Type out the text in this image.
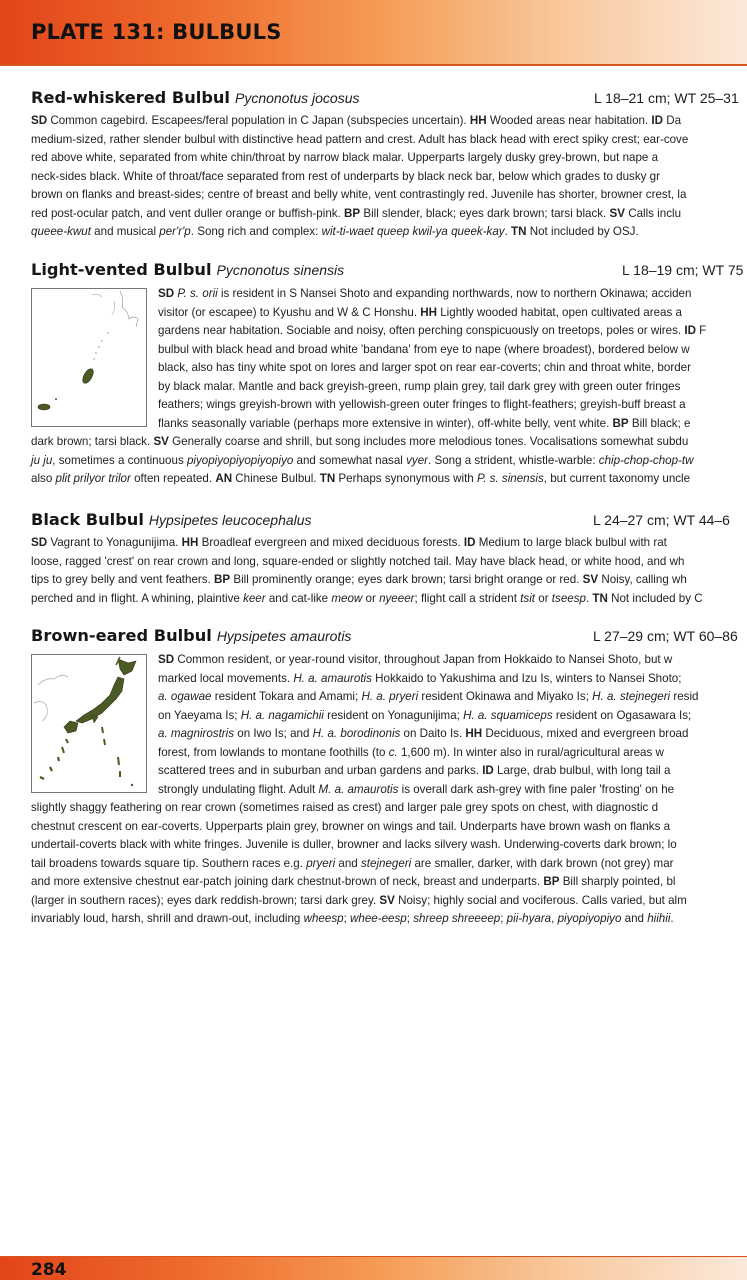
PLATE 131: BULBULS
Red-whiskered Bulbul Pycnonotus jocosus	L 18–21 cm; WT 25–31
SD Common cagebird. Escapees/feral population in C Japan (subspecies uncertain). HH Wooded areas near habitation. ID Da
medium-sized, rather slender bulbul with distinctive head pattern and crest. Adult has black head with erect spiky crest; ear-cove
red above white, separated from white chin/throat by narrow black malar. Upperparts largely dusky grey-brown, but nape a
neck-sides black. White of throat/face separated from rest of underparts by black neck bar, below which grades to dusky gr
brown on flanks and breast-sides; centre of breast and belly white, vent contrastingly red. Juvenile has shorter, browner crest, la
red post-ocular patch, and vent duller orange or buffish-pink. BP Bill slender, black; eyes dark brown; tarsi black. SV Calls inclu
queee-kwut and musical per'r'p. Song rich and complex: wit-ti-waet queep kwil-ya queek-kay. TN Not included by OSJ.
Light-vented Bulbul Pycnonotus sinensis	L 18–19 cm; WT 75
SD P. s. orii is resident in S Nansei Shoto and expanding northwards, now to northern Okinawa; acciden
visitor (or escapee) to Kyushu and W & C Honshu. HH Lightly wooded habitat, open cultivated areas a
gardens near habitation. Sociable and noisy, often perching conspicuously on treetops, poles or wires. ID F
bulbul with black head and broad white 'bandana' from eye to nape (where broadest), bordered below w
black, also has tiny white spot on lores and larger spot on rear ear-coverts; chin and throat white, border
by black malar. Mantle and back greyish-green, rump plain grey, tail dark grey with green outer fringes
feathers; wings greyish-brown with yellowish-green outer fringes to flight-feathers; greyish-buff breast a
flanks seasonally variable (perhaps more extensive in winter), off-white belly, vent white. BP Bill black; e
dark brown; tarsi black. SV Generally coarse and shrill, but song includes more melodious tones. Vocalisations somewhat subdu
ju ju, sometimes a continuous piyopiyopiyopiyopiyo and somewhat nasal vyer. Song a strident, whistle-warble: chip-chop-chop-tw
also plit prilyor trilor often repeated. AN Chinese Bulbul. TN Perhaps synonymous with P. s. sinensis, but current taxonomy uncle
Black Bulbul Hypsipetes leucocephalus	L 24–27 cm; WT 44–6
SD Vagrant to Yonagunijima. HH Broadleaf evergreen and mixed deciduous forests. ID Medium to large black bulbul with rat
loose, ragged 'crest' on rear crown and long, square-ended or slightly notched tail. May have black head, or white hood, and wh
tips to grey belly and vent feathers. BP Bill prominently orange; eyes dark brown; tarsi bright orange or red. SV Noisy, calling wh
perched and in flight. A whining, plaintive keer and cat-like meow or nyeeer; flight call a strident tsit or tseesp. TN Not included by C
Brown-eared Bulbul Hypsipetes amaurotis	L 27–29 cm; WT 60–86
SD Common resident, or year-round visitor, throughout Japan from Hokkaido to Nansei Shoto, but w
marked local movements. H. a. amaurotis Hokkaido to Yakushima and Izu Is, winters to Nansei Shoto;
a. ogawae resident Tokara and Amami; H. a. pryeri resident Okinawa and Miyako Is; H. a. stejnegeri resid
on Yaeyama Is; H. a. nagamichii resident on Yonagunijima; H. a. squamiceps resident on Ogasawara Is;
a. magnirostris on Iwo Is; and H. a. borodinonis on Daito Is. HH Deciduous, mixed and evergreen broad
forest, from lowlands to montane foothills (to c. 1,600 m). In winter also in rural/agricultural areas w
scattered trees and in suburban and urban gardens and parks. ID Large, drab bulbul, with long tail a
strongly undulating flight. Adult M. a. amaurotis is overall dark ash-grey with fine paler 'frosting' on he
slightly shaggy feathering on rear crown (sometimes raised as crest) and larger pale grey spots on chest, with diagnostic d
chestnut crescent on ear-coverts. Upperparts plain grey, browner on wings and tail. Underparts have brown wash on flanks a
undertail-coverts black with white fringes. Juvenile is duller, browner and lacks silvery wash. Underwing-coverts dark brown; lo
tail broadens towards square tip. Southern races e.g. pryeri and stejnegeri are smaller, darker, with dark brown (not grey) mar
and more extensive chestnut ear-patch joining dark chestnut-brown of neck, breast and underparts. BP Bill sharply pointed, bl
(larger in southern races); eyes dark reddish-brown; tarsi dark grey. SV Noisy; highly social and vociferous. Calls varied, but alm
invariably loud, harsh, shrill and drawn-out, including wheesp; whee-eesp; shreep shreeeep; pii-hyara, piyopiyopiyo and hiihii.
284
